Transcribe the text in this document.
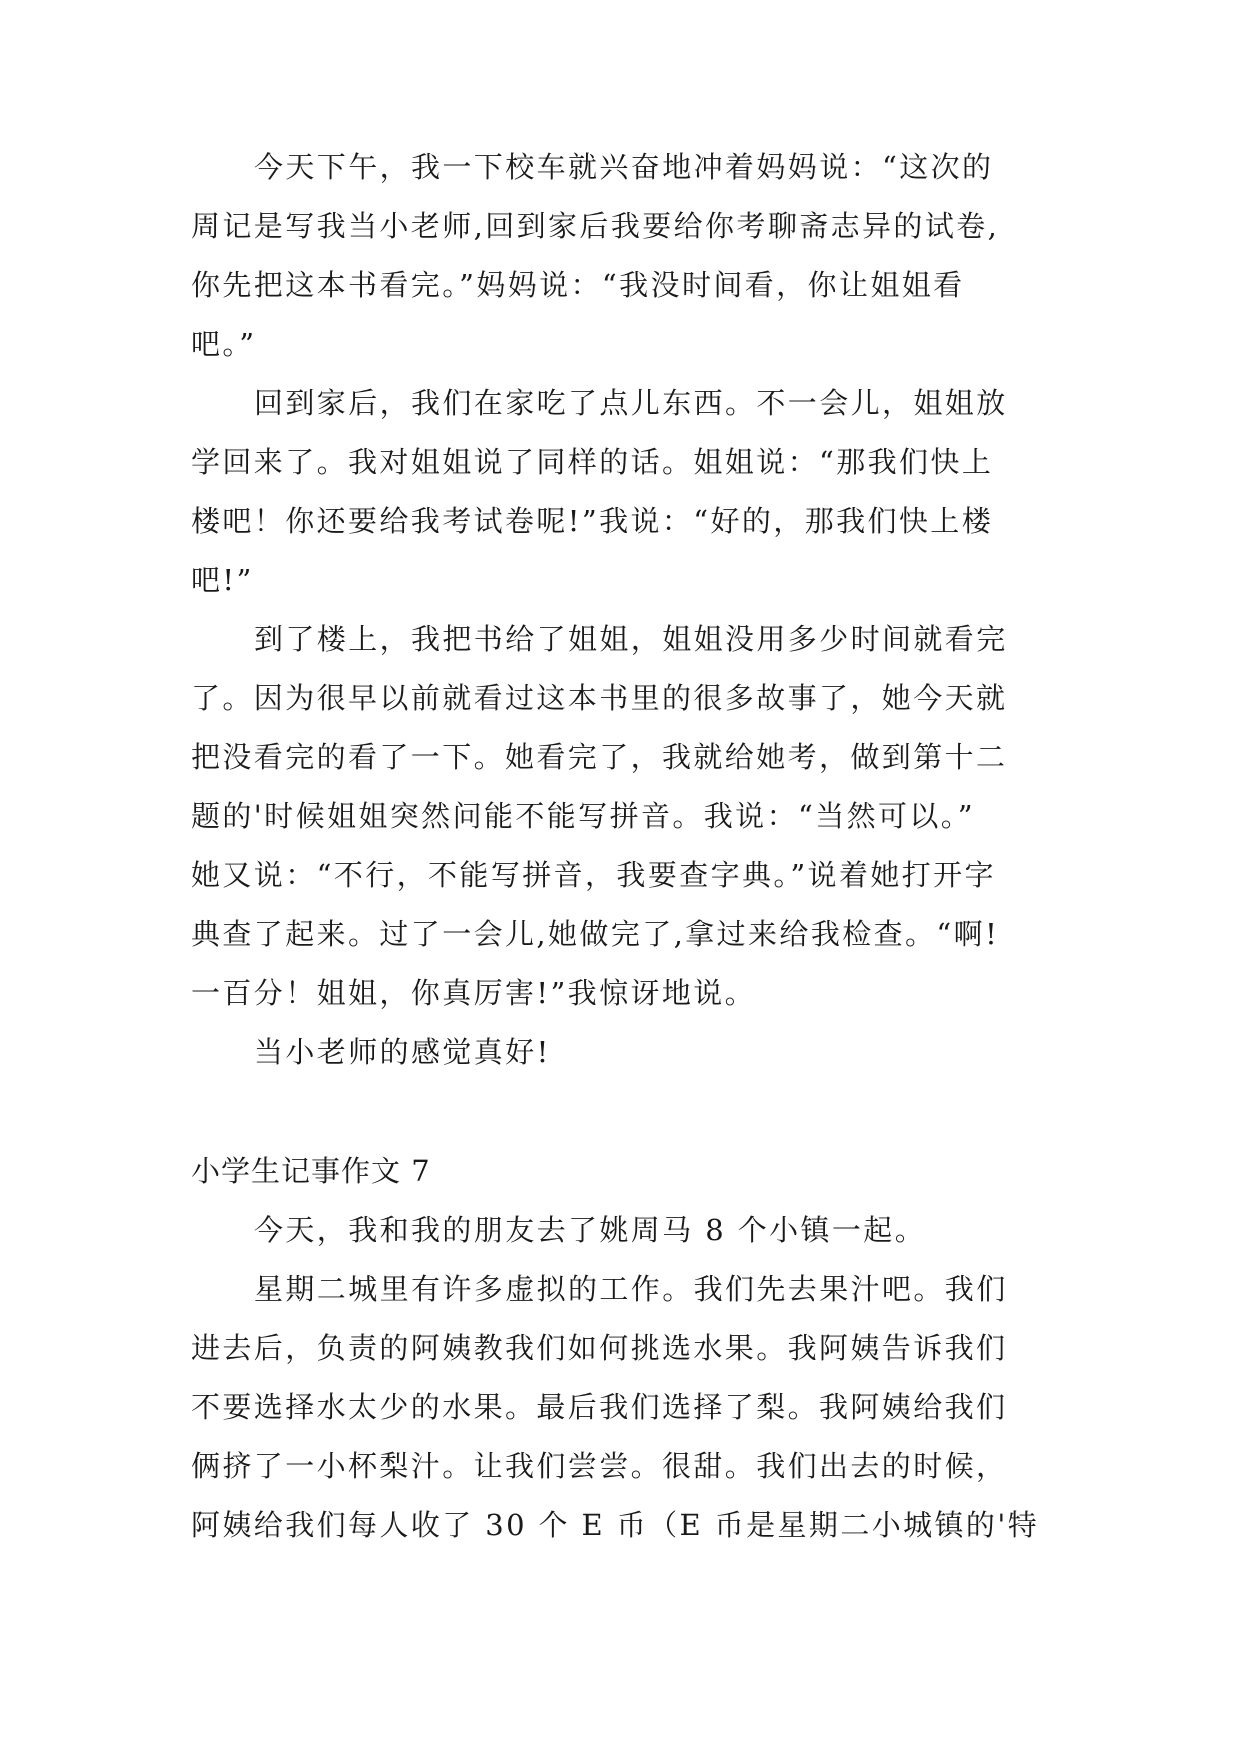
今天下午，我一下校车就兴奋地冲着妈妈说：“这次的
周记是写我当小老师,回到家后我要给你考聊斋志异的试卷,
你先把这本书看完。”妈妈说：“我没时间看，你让姐姐看
吧。”
回到家后，我们在家吃了点儿东西。不一会儿，姐姐放
学回来了。我对姐姐说了同样的话。姐姐说：“那我们快上
楼吧！你还要给我考试卷呢!”我说：“好的，那我们快上楼
吧!”
到了楼上，我把书给了姐姐，姐姐没用多少时间就看完
了。因为很早以前就看过这本书里的很多故事了，她今天就
把没看完的看了一下。她看完了，我就给她考，做到第十二
题的'时候姐姐突然问能不能写拼音。我说：“当然可以。”
她又说：“不行，不能写拼音，我要查字典。”说着她打开字
典查了起来。过了一会儿,她做完了,拿过来给我检查。“啊!
一百分！姐姐，你真厉害!”我惊讶地说。
当小老师的感觉真好!
小学生记事作文 7
今天，我和我的朋友去了姚周马 8 个小镇一起。
星期二城里有许多虚拟的工作。我们先去果汁吧。我们
进去后，负责的阿姨教我们如何挑选水果。我阿姨告诉我们
不要选择水太少的水果。最后我们选择了梨。我阿姨给我们
俩挤了一小杯梨汁。让我们尝尝。很甜。我们出去的时候，
阿姨给我们每人收了 30 个 E 币（E 币是星期二小城镇的'特
